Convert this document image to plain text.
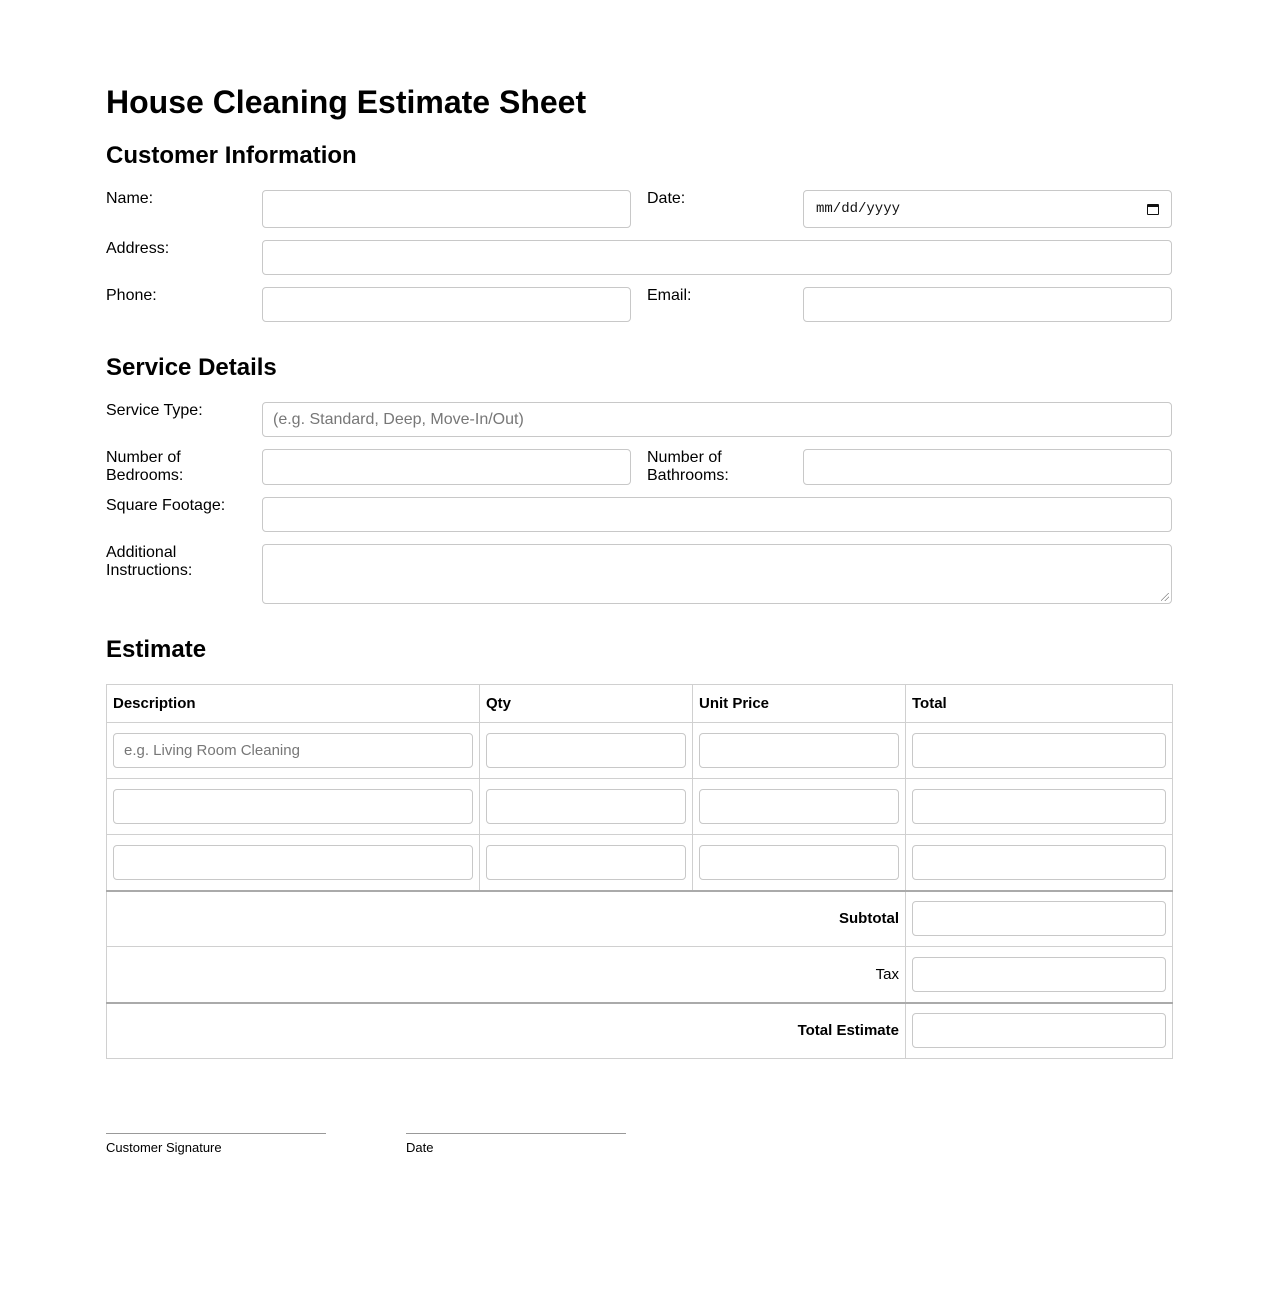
House Cleaning Estimate Sheet
Customer Information
Name:	Date:
mm/dd/yyyy
Address:
Phone:	Email:
Service Details
Service Type:	(e.g. Standard, Deep, Move-In/Out)
Number of
Bedrooms:
Number of
Bathrooms:
Square Footage:
Additional
Instructions:
Estimate
Description	Qty	Unit Price	Total

e.g. Living Room Cleaning			

Subtotal			

Tax			

Total Estimate			
Customer Signature	Date
